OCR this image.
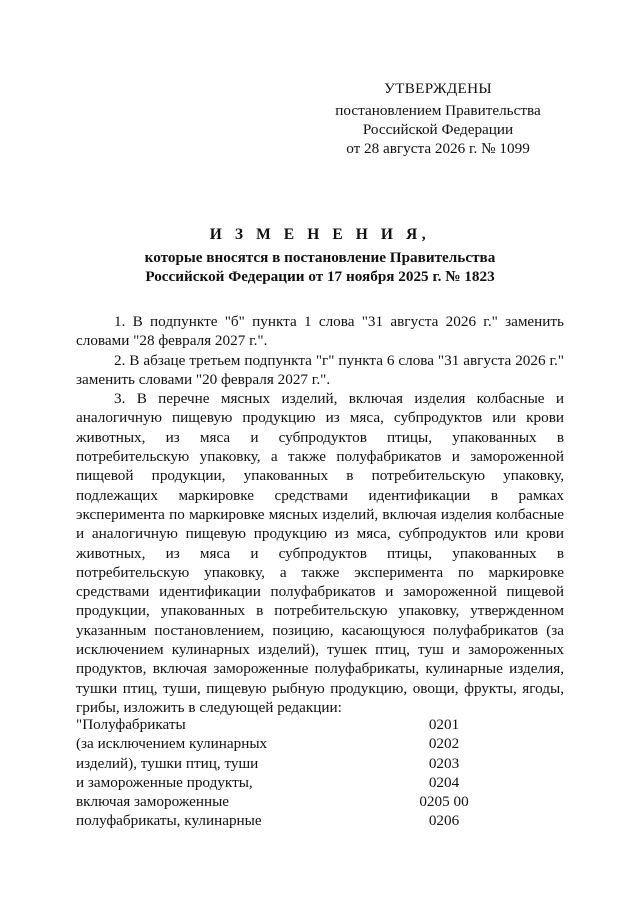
УТВЕРЖДЕНЫ
постановлением Правительства
Российской Федерации
от 28 августа 2026 г. № 1099
И З М Е Н Е Н И Я,
которые вносятся в постановление Правительства
Российской Федерации от 17 ноября 2025 г. № 1823

1. В подпункте "б" пункта 1 слова "31 августа 2026 г." заменить словами "28 февраля 2027 г.".

2. В абзаце третьем подпункта "г" пункта 6 слова "31 августа 2026 г." заменить словами "20 февраля 2027 г.".

3. В перечне мясных изделий, включая изделия колбасные и аналогичную пищевую продукцию из мяса, субпродуктов или крови животных, из мяса и субпродуктов птицы, упакованных в потребительскую упаковку, а также полуфабрикатов и замороженной пищевой продукции, упакованных в потребительскую упаковку, подлежащих маркировке средствами идентификации в рамках эксперимента по маркировке мясных изделий, включая изделия колбасные и аналогичную пищевую продукцию из мяса, субпродуктов или крови животных, из мяса и субпродуктов птицы, упакованных в потребительскую упаковку, а также эксперимента по маркировке средствами идентификации полуфабрикатов и замороженной пищевой продукции, упакованных в потребительскую упаковку, утвержденном указанным постановлением, позицию, касающуюся полуфабрикатов (за исключением кулинарных изделий), тушек птиц, туш и замороженных продуктов, включая замороженные полуфабрикаты, кулинарные изделия, тушки птиц, туши, пищевую рыбную продукцию, овощи, фрукты, ягоды, грибы, изложить в следующей редакции:

"Полуфабрикаты	0201
(за исключением кулинарных	0202
изделий), тушки птиц, туши	0203
и замороженные продукты,	0204
включая замороженные	0205 00
полуфабрикаты, кулинарные	0206
